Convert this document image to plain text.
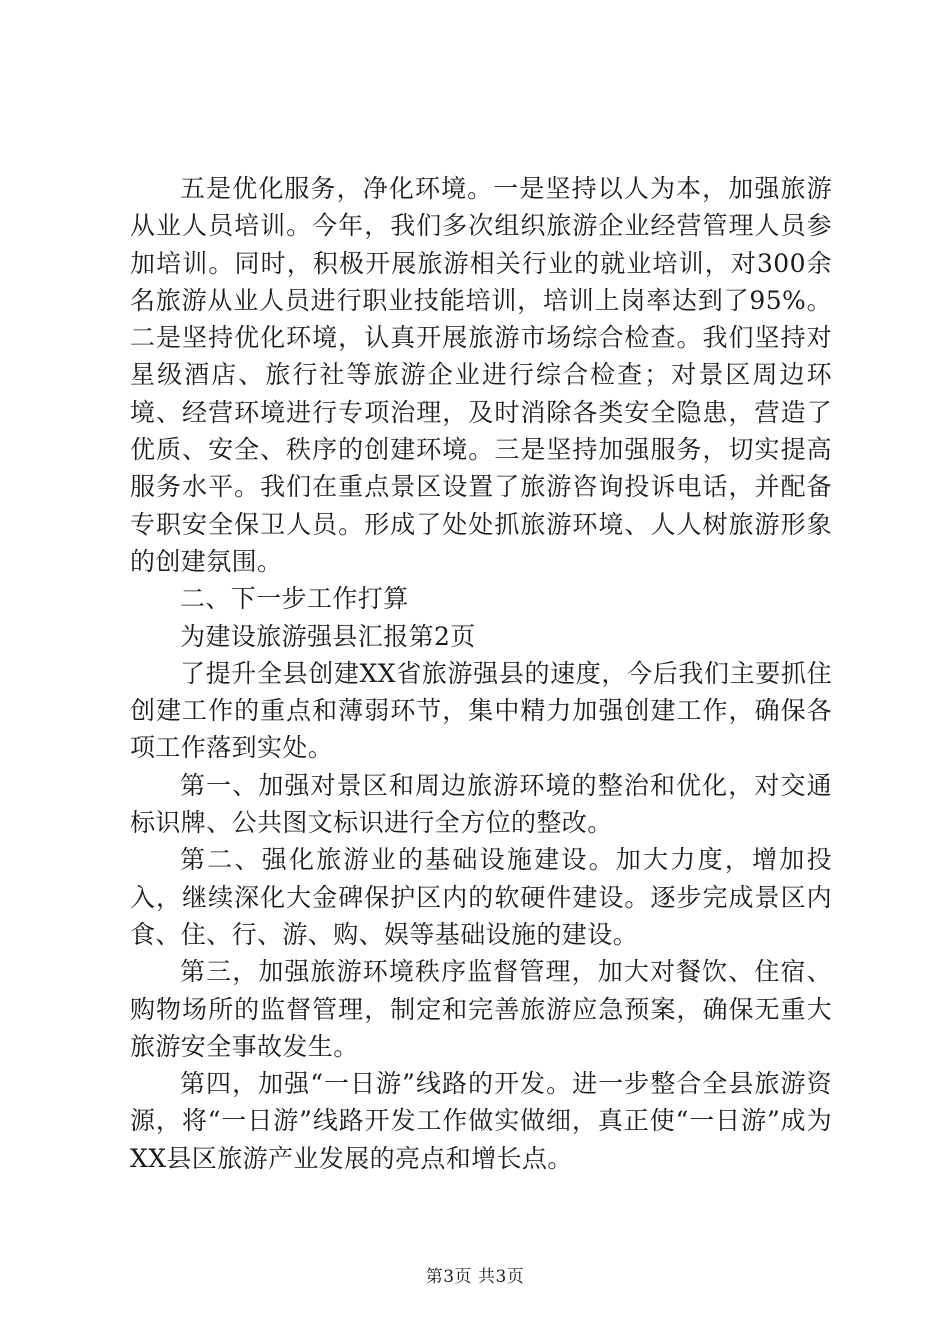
五是优化服务，净化环境。一是坚持以人为本，加强旅游从业人员培训。今年，我们多次组织旅游企业经营管理人员参加培训。同时，积极开展旅游相关行业的就业培训，对300余名旅游从业人员进行职业技能培训，培训上岗率达到了95%。二是坚持优化环境，认真开展旅游市场综合检查。我们坚持对星级酒店、旅行社等旅游企业进行综合检查；对景区周边环境、经营环境进行专项治理，及时消除各类安全隐患，营造了优质、安全、秩序的创建环境。三是坚持加强服务，切实提高服务水平。我们在重点景区设置了旅游咨询投诉电话，并配备专职安全保卫人员。形成了处处抓旅游环境、人人树旅游形象的创建氛围。

二、下一步工作打算

为建设旅游强县汇报第2页

了提升全县创建XX省旅游强县的速度，今后我们主要抓住创建工作的重点和薄弱环节，集中精力加强创建工作，确保各项工作落到实处。

第一、加强对景区和周边旅游环境的整治和优化，对交通标识牌、公共图文标识进行全方位的整改。

第二、强化旅游业的基础设施建设。加大力度，增加投入，继续深化大金碑保护区内的软硬件建设。逐步完成景区内食、住、行、游、购、娱等基础设施的建设。

第三，加强旅游环境秩序监督管理，加大对餐饮、住宿、购物场所的监督管理，制定和完善旅游应急预案，确保无重大旅游安全事故发生。

第四，加强“一日游”线路的开发。进一步整合全县旅游资源，将“一日游”线路开发工作做实做细，真正使“一日游”成为XX县区旅游产业发展的亮点和增长点。

第3页 共3页
